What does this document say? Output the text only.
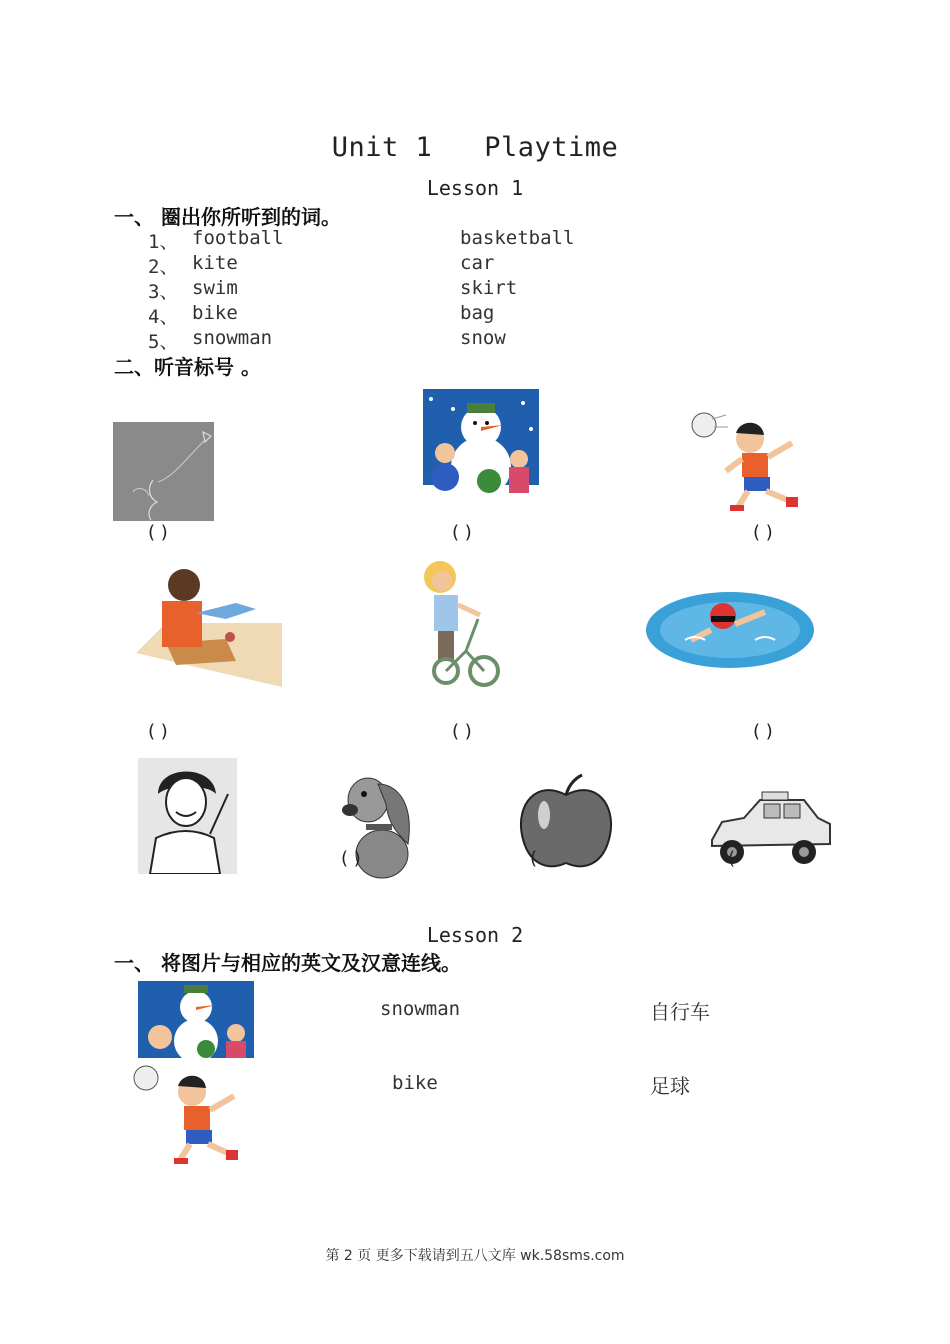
Unit 1 Playtime
Lesson 1
一、 圈出你所听到的词。
1、 football	basketball
2、 kite	car
3、 swim	skirt
4、 bike	bag
5、 snowman	snow
二、听音标号 。
( )	( )	( )
( )	( )	( )
( )	(	(
Lesson 2
一、 将图片与相应的英文及汉意连线。
snowman
bike
自行车
足球
第 2 页 更多下载请到五八文库 wk.58sms.com
